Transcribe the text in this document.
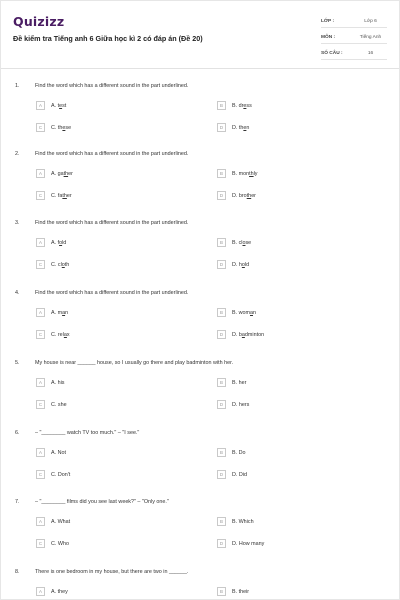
Quizizz
Đề kiểm tra Tiếng anh 6 Giữa học kì 2 có đáp án (Đề 20)
LỚP :	Lớp 6
MÔN :	Tiếng Anh
SỐ CÂU :	16
1.	Find the word which has a different sound in the part underlined.
A	A. test	B	B. dress
C	C. these	D	D. then
2.	Find the word which has a different sound in the part underlined.
A	A. gather	B	B. monthly
C	C. father	D	D. brother
3.	Find the word which has a different sound in the part underlined.
A	A. fold	B	B. close
C	C. cloth	D	D. hold
4.	Find the word which has a different sound in the part underlined.
A	A. man	B	B. woman
C	C. relax	D	D. badminton
5.	My house is near ______ house, so I usually go there and play badminton with her.
A	A. his	B	B. her
C	C. she	D	D. hers
6.	– "________ watch TV too much." – "I see."
A	A. Not	B	B. Do
C	C. Don't	D	D. Did
7.	– "________ films did you see last week?" – "Only one."
A	A. What	B	B. Which
C	C. Who	D	D. How many
8.	There is one bedroom in my house, but there are two in ______.
A	A. they	B	B. their
